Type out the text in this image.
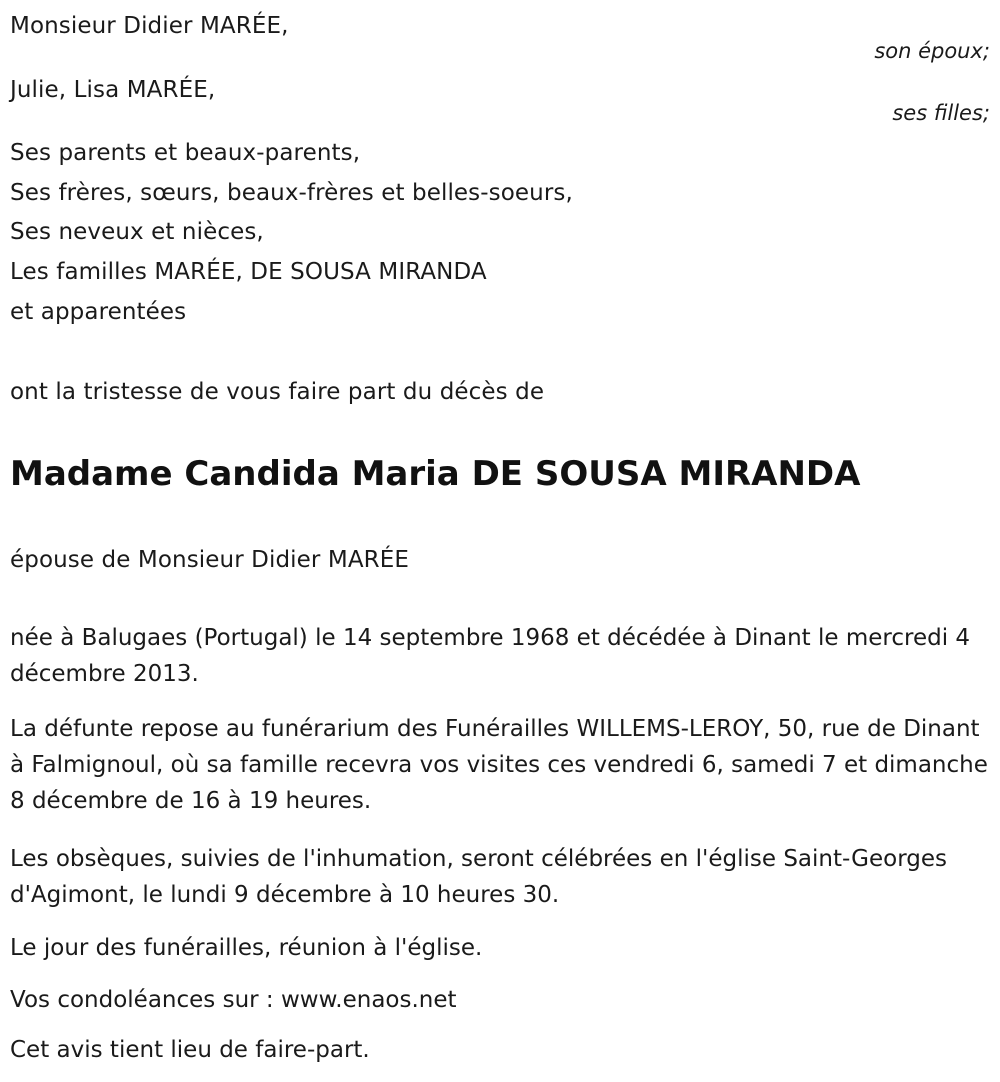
Monsieur Didier MARÉE,
son époux;
Julie, Lisa MARÉE,
ses filles;
Ses parents et beaux-parents,
Ses frères, sœurs, beaux-frères et belles-soeurs,
Ses neveux et nièces,
Les familles MARÉE, DE SOUSA MIRANDA
et apparentées
ont la tristesse de vous faire part du décès de
Madame Candida Maria DE SOUSA MIRANDA
épouse de Monsieur Didier MARÉE
née à Balugaes (Portugal) le 14 septembre 1968 et décédée à Dinant le mercredi 4 décembre 2013.
La défunte repose au funérarium des Funérailles WILLEMS-LEROY, 50, rue de Dinant à Falmignoul, où sa famille recevra vos visites ces vendredi 6, samedi 7 et dimanche 8 décembre de 16 à 19 heures.
Les obsèques, suivies de l'inhumation, seront célébrées en l'église Saint-Georges d'Agimont, le lundi 9 décembre à 10 heures 30.
Le jour des funérailles, réunion à l'église.
Vos condoléances sur : www.enaos.net
Cet avis tient lieu de faire-part.
